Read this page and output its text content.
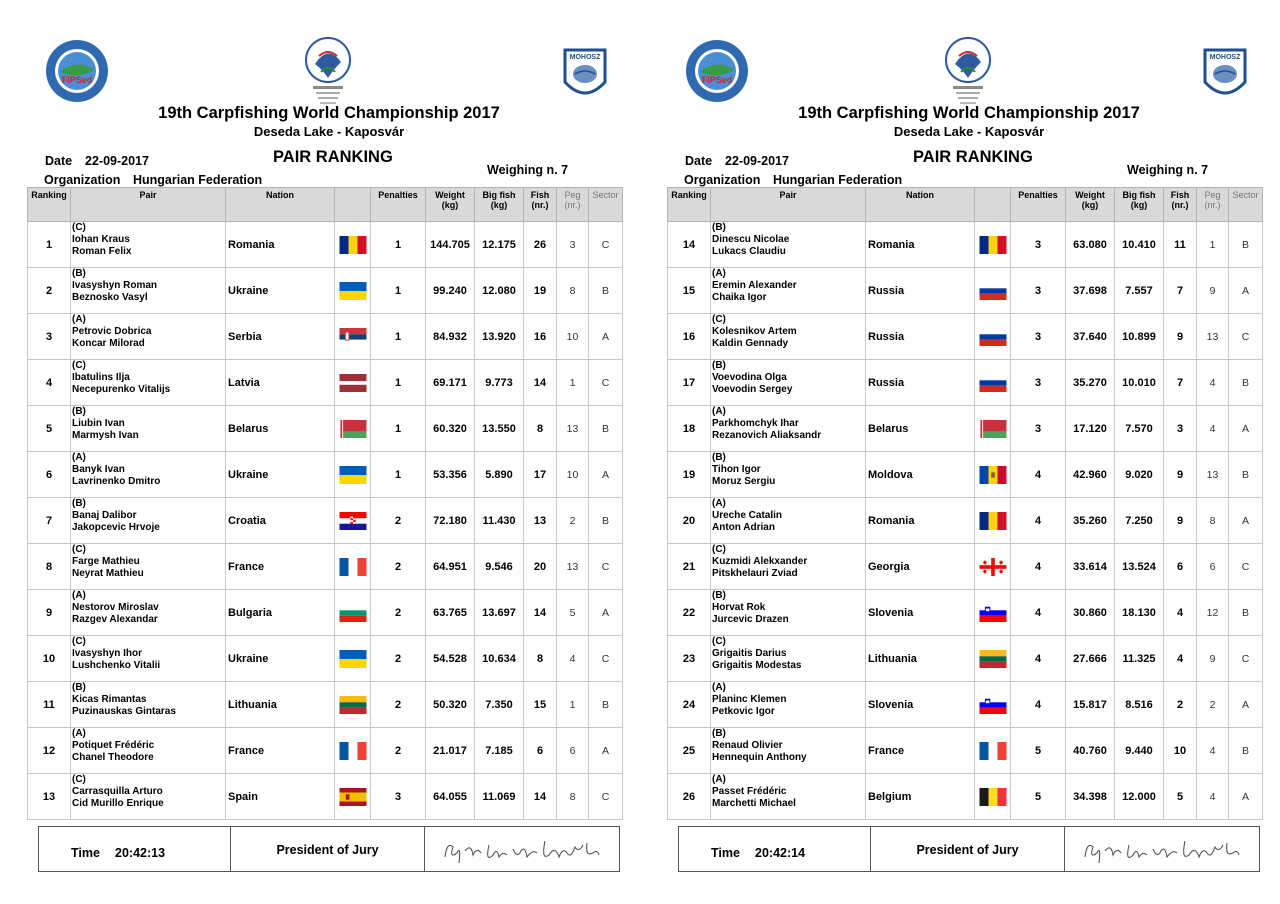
FIPSed
MOHOSZ
19th Carpfishing World Championship 2017
Deseda Lake - Kaposvár
Date 22-09-2017	PAIR RANKING
Weighing n. 7
Organization Hungarian Federation
Ranking	Pair	Nation		Penalties	Weight (kg)	Big fish (kg)	Fish (nr.)	Peg (nr.)	Sector
1	(C)
Iohan Kraus
Roman Felix	Romania		1	144.705	12.175	26	3	C
2	(B)
Ivasyshyn Roman
Beznosko Vasyl	Ukraine		1	99.240	12.080	19	8	B
3	(A)
Petrovic Dobrica
Koncar Milorad	Serbia		1	84.932	13.920	16	10	A
4	(C)
Ibatulins Ilja
Necepurenko Vitalijs	Latvia		1	69.171	9.773	14	1	C
5	(B)
Liubin Ivan
Marmysh Ivan	Belarus		1	60.320	13.550	8	13	B
6	(A)
Banyk Ivan
Lavrinenko Dmitro	Ukraine		1	53.356	5.890	17	10	A
7	(B)
Banaj Dalibor
Jakopcevic Hrvoje	Croatia		2	72.180	11.430	13	2	B
8	(C)
Farge Mathieu
Neyrat Mathieu	France		2	64.951	9.546	20	13	C
9	(A)
Nestorov Miroslav
Razgev Alexandar	Bulgaria		2	63.765	13.697	14	5	A
10	(C)
Ivasyshyn Ihor
Lushchenko Vitalii	Ukraine		2	54.528	10.634	8	4	C
11	(B)
Kicas Rimantas
Puzinauskas Gintaras	Lithuania		2	50.320	7.350	15	1	B
12	(A)
Potiquet Frédéric
Chanel Theodore	France		2	21.017	7.185	6	6	A
13	(C)
Carrasquilla Arturo
Cid Murillo Enrique	Spain		3	64.055	11.069	14	8	C
Time 20:42:13	President of Jury
FIPSed
MOHOSZ
19th Carpfishing World Championship 2017
Deseda Lake - Kaposvár
Date 22-09-2017	PAIR RANKING
Weighing n. 7
Organization Hungarian Federation
Ranking	Pair	Nation		Penalties	Weight (kg)	Big fish (kg)	Fish (nr.)	Peg (nr.)	Sector
14	(B)
Dinescu Nicolae
Lukacs Claudiu	Romania		3	63.080	10.410	11	1	B
15	(A)
Eremin Alexander
Chaika Igor	Russia		3	37.698	7.557	7	9	A
16	(C)
Kolesnikov Artem
Kaldin Gennady	Russia		3	37.640	10.899	9	13	C
17	(B)
Voevodina Olga
Voevodin Sergey	Russia		3	35.270	10.010	7	4	B
18	(A)
Parkhomchyk Ihar
Rezanovich Aliaksandr	Belarus		3	17.120	7.570	3	4	A
19	(B)
Tihon Igor
Moruz Sergiu	Moldova		4	42.960	9.020	9	13	B
20	(A)
Ureche Catalin
Anton Adrian	Romania		4	35.260	7.250	9	8	A
21	(C)
Kuzmidi Alekxander
Pitskhelauri Zviad	Georgia		4	33.614	13.524	6	6	C
22	(B)
Horvat Rok
Jurcevic Drazen	Slovenia		4	30.860	18.130	4	12	B
23	(C)
Grigaitis Darius
Grigaitis Modestas	Lithuania		4	27.666	11.325	4	9	C
24	(A)
Planinc Klemen
Petkovic Igor	Slovenia		4	15.817	8.516	2	2	A
25	(B)
Renaud Olivier
Hennequin Anthony	France		5	40.760	9.440	10	4	B
26	(A)
Passet Frédéric
Marchetti Michael	Belgium		5	34.398	12.000	5	4	A
Time 20:42:14	President of Jury
